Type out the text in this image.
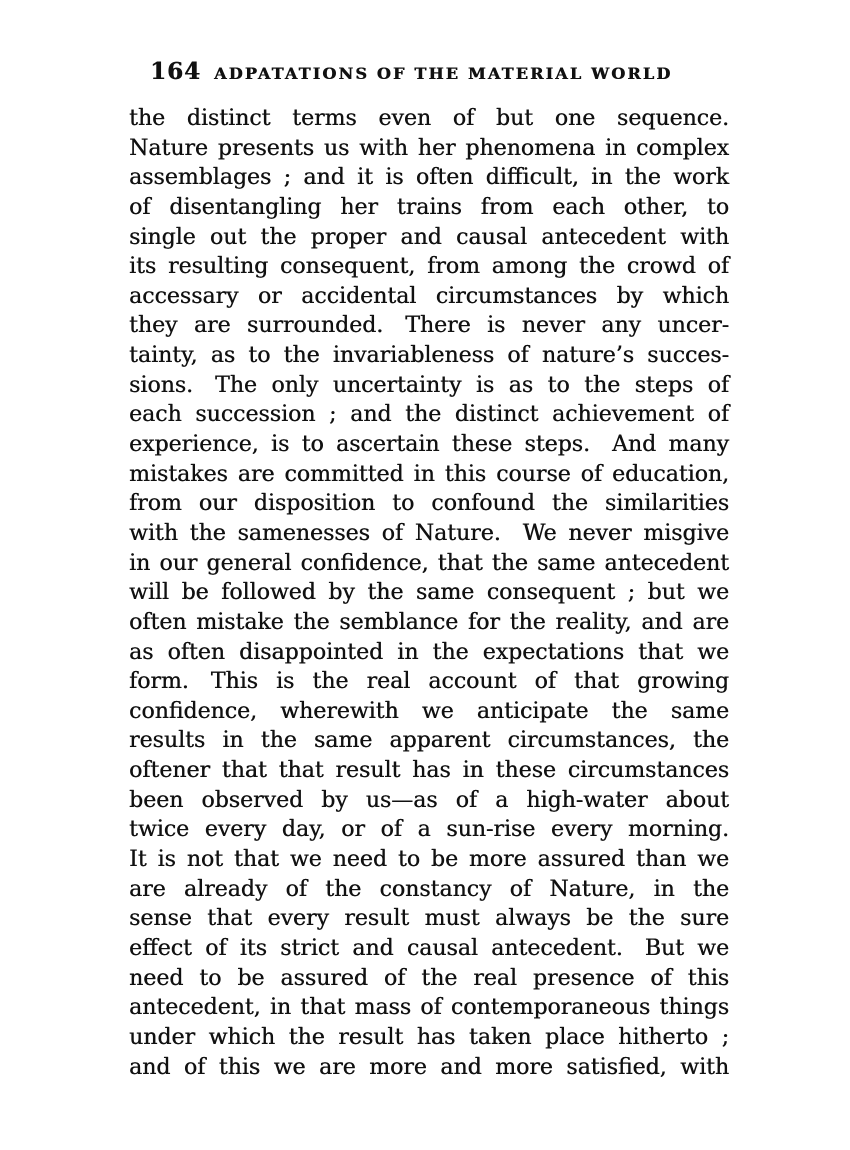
164 ADPATATIONS OF THE MATERIAL WORLD
the distinct terms even of but one sequence.
Nature presents us with her phenomena in complex
assemblages ; and it is often difficult, in the work
of disentangling her trains from each other, to
single out the proper and causal antecedent with
its resulting consequent, from among the crowd of
accessary or accidental circumstances by which
they are surrounded. There is never any uncer-
tainty, as to the invariableness of nature’s succes-
sions. The only uncertainty is as to the steps of
each succession ; and the distinct achievement of
experience, is to ascertain these steps. And many
mistakes are committed in this course of education,
from our disposition to confound the similarities
with the samenesses of Nature. We never misgive
in our general confidence, that the same antecedent
will be followed by the same consequent ; but we
often mistake the semblance for the reality, and are
as often disappointed in the expectations that we
form. This is the real account of that growing
confidence, wherewith we anticipate the same
results in the same apparent circumstances, the
oftener that that result has in these circumstances
been observed by us—as of a high-water about
twice every day, or of a sun-rise every morning.
It is not that we need to be more assured than we
are already of the constancy of Nature, in the
sense that every result must always be the sure
effect of its strict and causal antecedent. But we
need to be assured of the real presence of this
antecedent, in that mass of contemporaneous things
under which the result has taken place hitherto ;
and of this we are more and more satisfied, with
